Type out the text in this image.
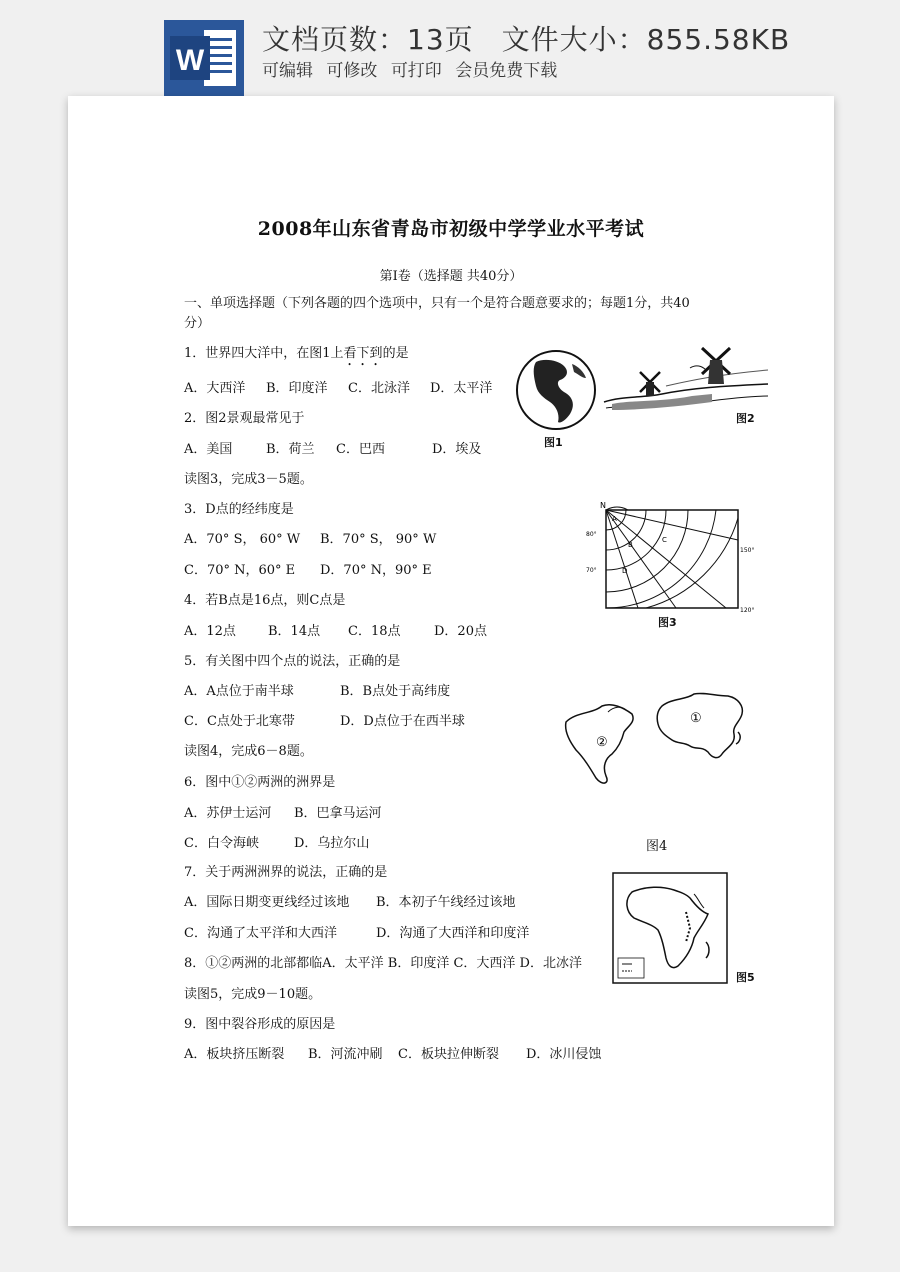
W
文档页数：13页 文件大小：855.58KB
可编辑 可修改 可打印 会员免费下载
2008年山东省青岛市初级中学学业水平考试
第Ⅰ卷（选择题 共40分）
一、单项选择题（下列各题的四个选项中，只有一个是符合题意要求的；每题1分，共40
分）
1．世界四大洋中，在图1上看下到的是
A．大西洋 B．印度洋 C．北泳洋 D．太平洋
2．图2景观最常见于
A．美国	B．荷兰 C．巴西	D．埃及
读图3，完成3－5题。
3．D点的经纬度是
A．70° S， 60° W B．70° S， 90° W
C．70° N，60° E D．70° N，90° E
4．若B点是16点，则C点是
A．12点 B．14点 C．18点	D．20点
5．有关图中四个点的说法，正确的是
A．A点位于南半球	B．B点处于高纬度
C．C点处于北寒带	D．D点位于在西半球
读图4，完成6－8题。
6．图中①②两洲的洲界是
A．苏伊士运河 B．巴拿马运河
C．白令海峡	D．乌拉尔山
7．关于两洲洲界的说法，正确的是
A．国际日期变更线经过该地 B．本初子午线经过该地
C．沟通了太平洋和大西洋	D．沟通了大西洋和印度洋
8．①②两洲的北部都临A．太平洋 B．印度洋 C．大西洋 D．北冰洋
读图5，完成9－10题。
9．图中裂谷形成的原因是
A．板块挤压断裂 B．河流冲刷 C．板块拉伸断裂 D．冰川侵蚀
图1
图2
N
80°
70°
150°
120°
A
B
C
D
图3
②
①
图4
图5
